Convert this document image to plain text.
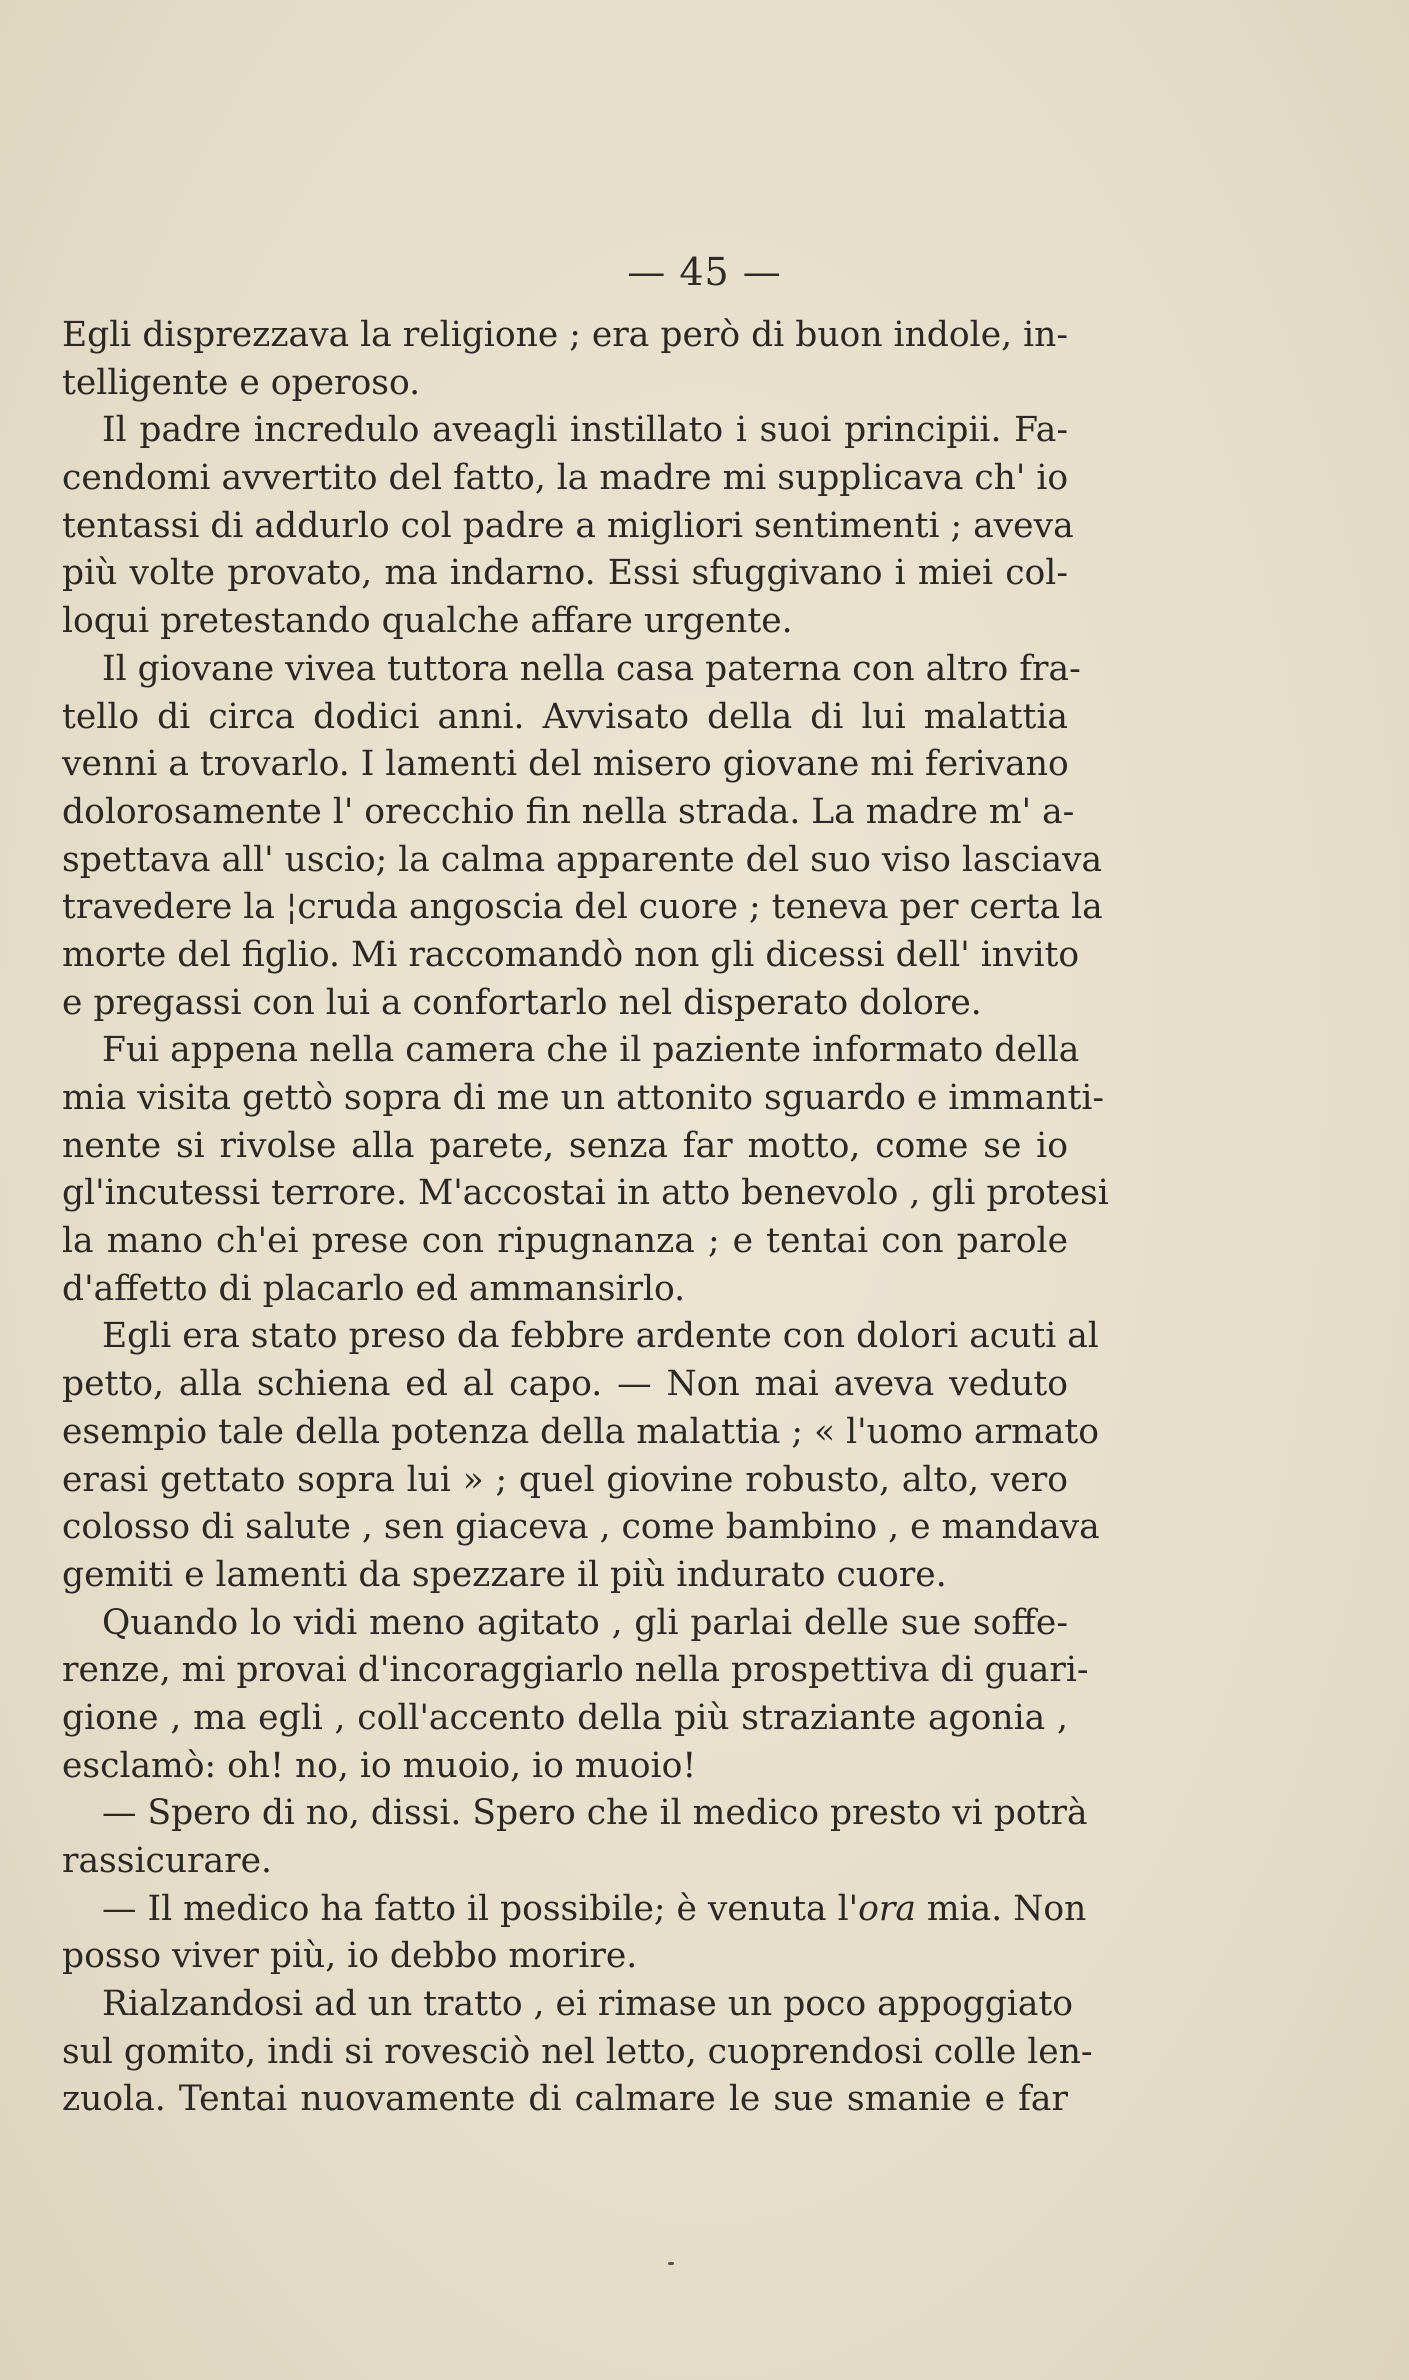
— 45 —
Egli disprezzava la religione ; era però di buon indole, in-
telligente e operoso.
Il padre incredulo aveagli instillato i suoi principii. Fa-
cendomi avvertito del fatto, la madre mi supplicava ch' io
tentassi di addurlo col padre a migliori sentimenti ; aveva
più volte provato, ma indarno. Essi sfuggivano i miei col-
loqui pretestando qualche affare urgente.
Il giovane vivea tuttora nella casa paterna con altro fra-
tello di circa dodici anni. Avvisato della di lui malattia
venni a trovarlo. I lamenti del misero giovane mi ferivano
dolorosamente l' orecchio fin nella strada. La madre m' a-
spettava all' uscio; la calma apparente del suo viso lasciava
travedere la ¦cruda angoscia del cuore ; teneva per certa la
morte del figlio. Mi raccomandò non gli dicessi dell' invito
e pregassi con lui a confortarlo nel disperato dolore.
Fui appena nella camera che il paziente informato della
mia visita gettò sopra di me un attonito sguardo e immanti-
nente si rivolse alla parete, senza far motto, come se io
gl'incutessi terrore. M'accostai in atto benevolo , gli protesi
la mano ch'ei prese con ripugnanza ; e tentai con parole
d'affetto di placarlo ed ammansirlo.
Egli era stato preso da febbre ardente con dolori acuti al
petto, alla schiena ed al capo. — Non mai aveva veduto
esempio tale della potenza della malattia ; « l'uomo armato
erasi gettato sopra lui » ; quel giovine robusto, alto, vero
colosso di salute , sen giaceva , come bambino , e mandava
gemiti e lamenti da spezzare il più indurato cuore.
Quando lo vidi meno agitato , gli parlai delle sue soffe-
renze, mi provai d'incoraggiarlo nella prospettiva di guari-
gione , ma egli , coll'accento della più straziante agonia ,
esclamò: oh! no, io muoio, io muoio!
— Spero di no, dissi. Spero che il medico presto vi potrà
rassicurare.
— Il medico ha fatto il possibile; è venuta l'ora mia. Non
posso viver più, io debbo morire.
Rialzandosi ad un tratto , ei rimase un poco appoggiato
sul gomito, indi si rovesciò nel letto, cuoprendosi colle len-
zuola. Tentai nuovamente di calmare le sue smanie e far
